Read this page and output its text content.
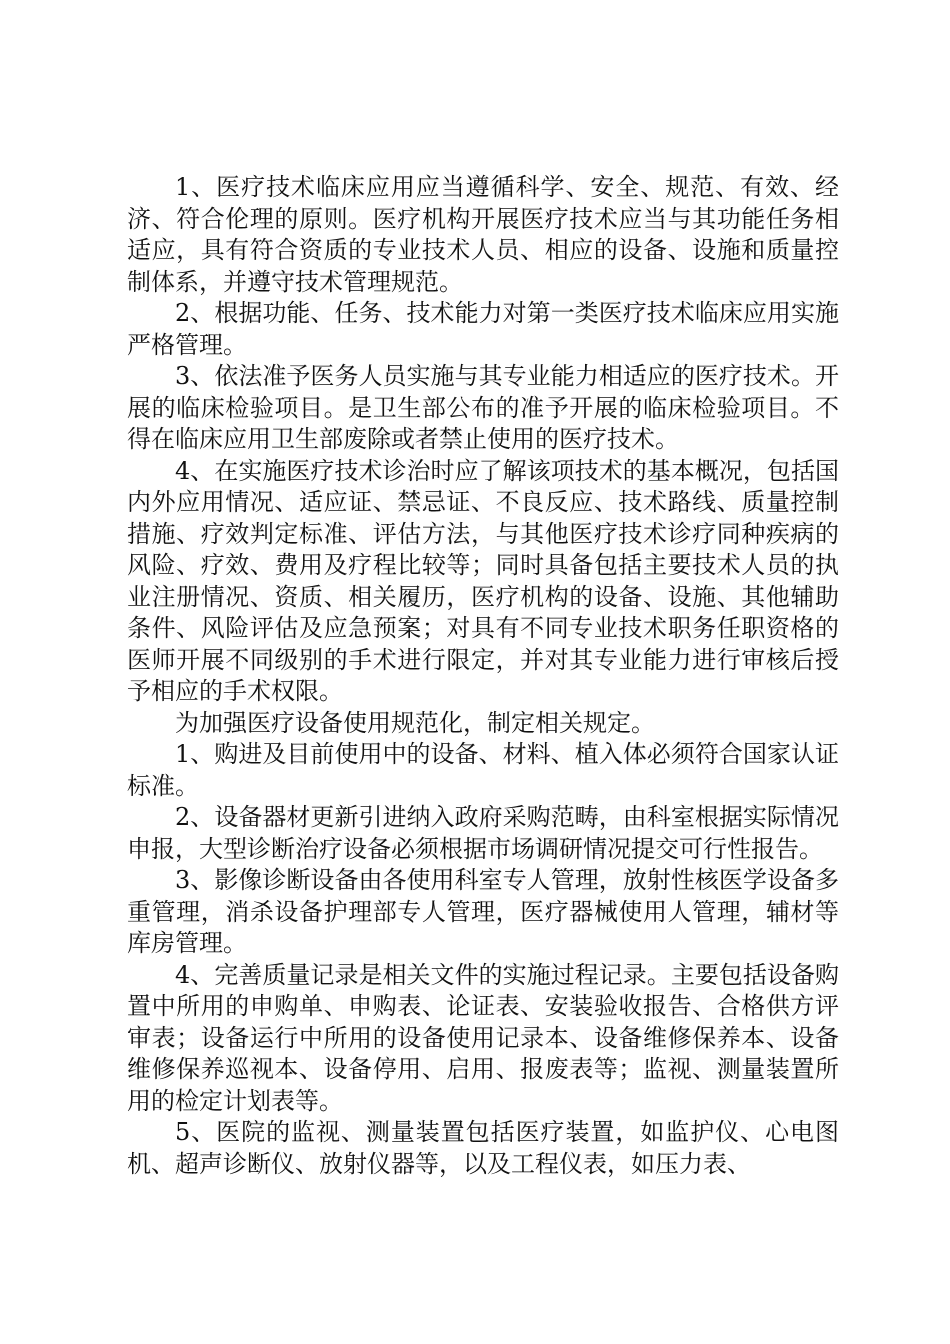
1、医疗技术临床应用应当遵循科学、安全、规范、有效、经济、符合伦理的原则。医疗机构开展医疗技术应当与其功能任务相适应，具有符合资质的专业技术人员、相应的设备、设施和质量控制体系，并遵守技术管理规范。

2、根据功能、任务、技术能力对第一类医疗技术临床应用实施严格管理。

3、依法准予医务人员实施与其专业能力相适应的医疗技术。开展的临床检验项目。是卫生部公布的准予开展的临床检验项目。不得在临床应用卫生部废除或者禁止使用的医疗技术。

4、在实施医疗技术诊治时应了解该项技术的基本概况，包括国内外应用情况、适应证、禁忌证、不良反应、技术路线、质量控制措施、疗效判定标准、评估方法，与其他医疗技术诊疗同种疾病的风险、疗效、费用及疗程比较等；同时具备包括主要技术人员的执业注册情况、资质、相关履历，医疗机构的设备、设施、其他辅助条件、风险评估及应急预案；对具有不同专业技术职务任职资格的医师开展不同级别的手术进行限定，并对其专业能力进行审核后授予相应的手术权限。

为加强医疗设备使用规范化，制定相关规定。

1、购进及目前使用中的设备、材料、植入体必须符合国家认证标准。

2、设备器材更新引进纳入政府采购范畴，由科室根据实际情况申报，大型诊断治疗设备必须根据市场调研情况提交可行性报告。

3、影像诊断设备由各使用科室专人管理，放射性核医学设备多重管理，消杀设备护理部专人管理，医疗器械使用人管理，辅材等库房管理。

4、完善质量记录是相关文件的实施过程记录。主要包括设备购置中所用的申购单、申购表、论证表、安装验收报告、合格供方评审表；设备运行中所用的设备使用记录本、设备维修保养本、设备维修保养巡视本、设备停用、启用、报废表等；监视、测量装置所用的检定计划表等。

5、医院的监视、测量装置包括医疗装置，如监护仪、心电图机、超声诊断仪、放射仪器等，以及工程仪表，如压力表、
